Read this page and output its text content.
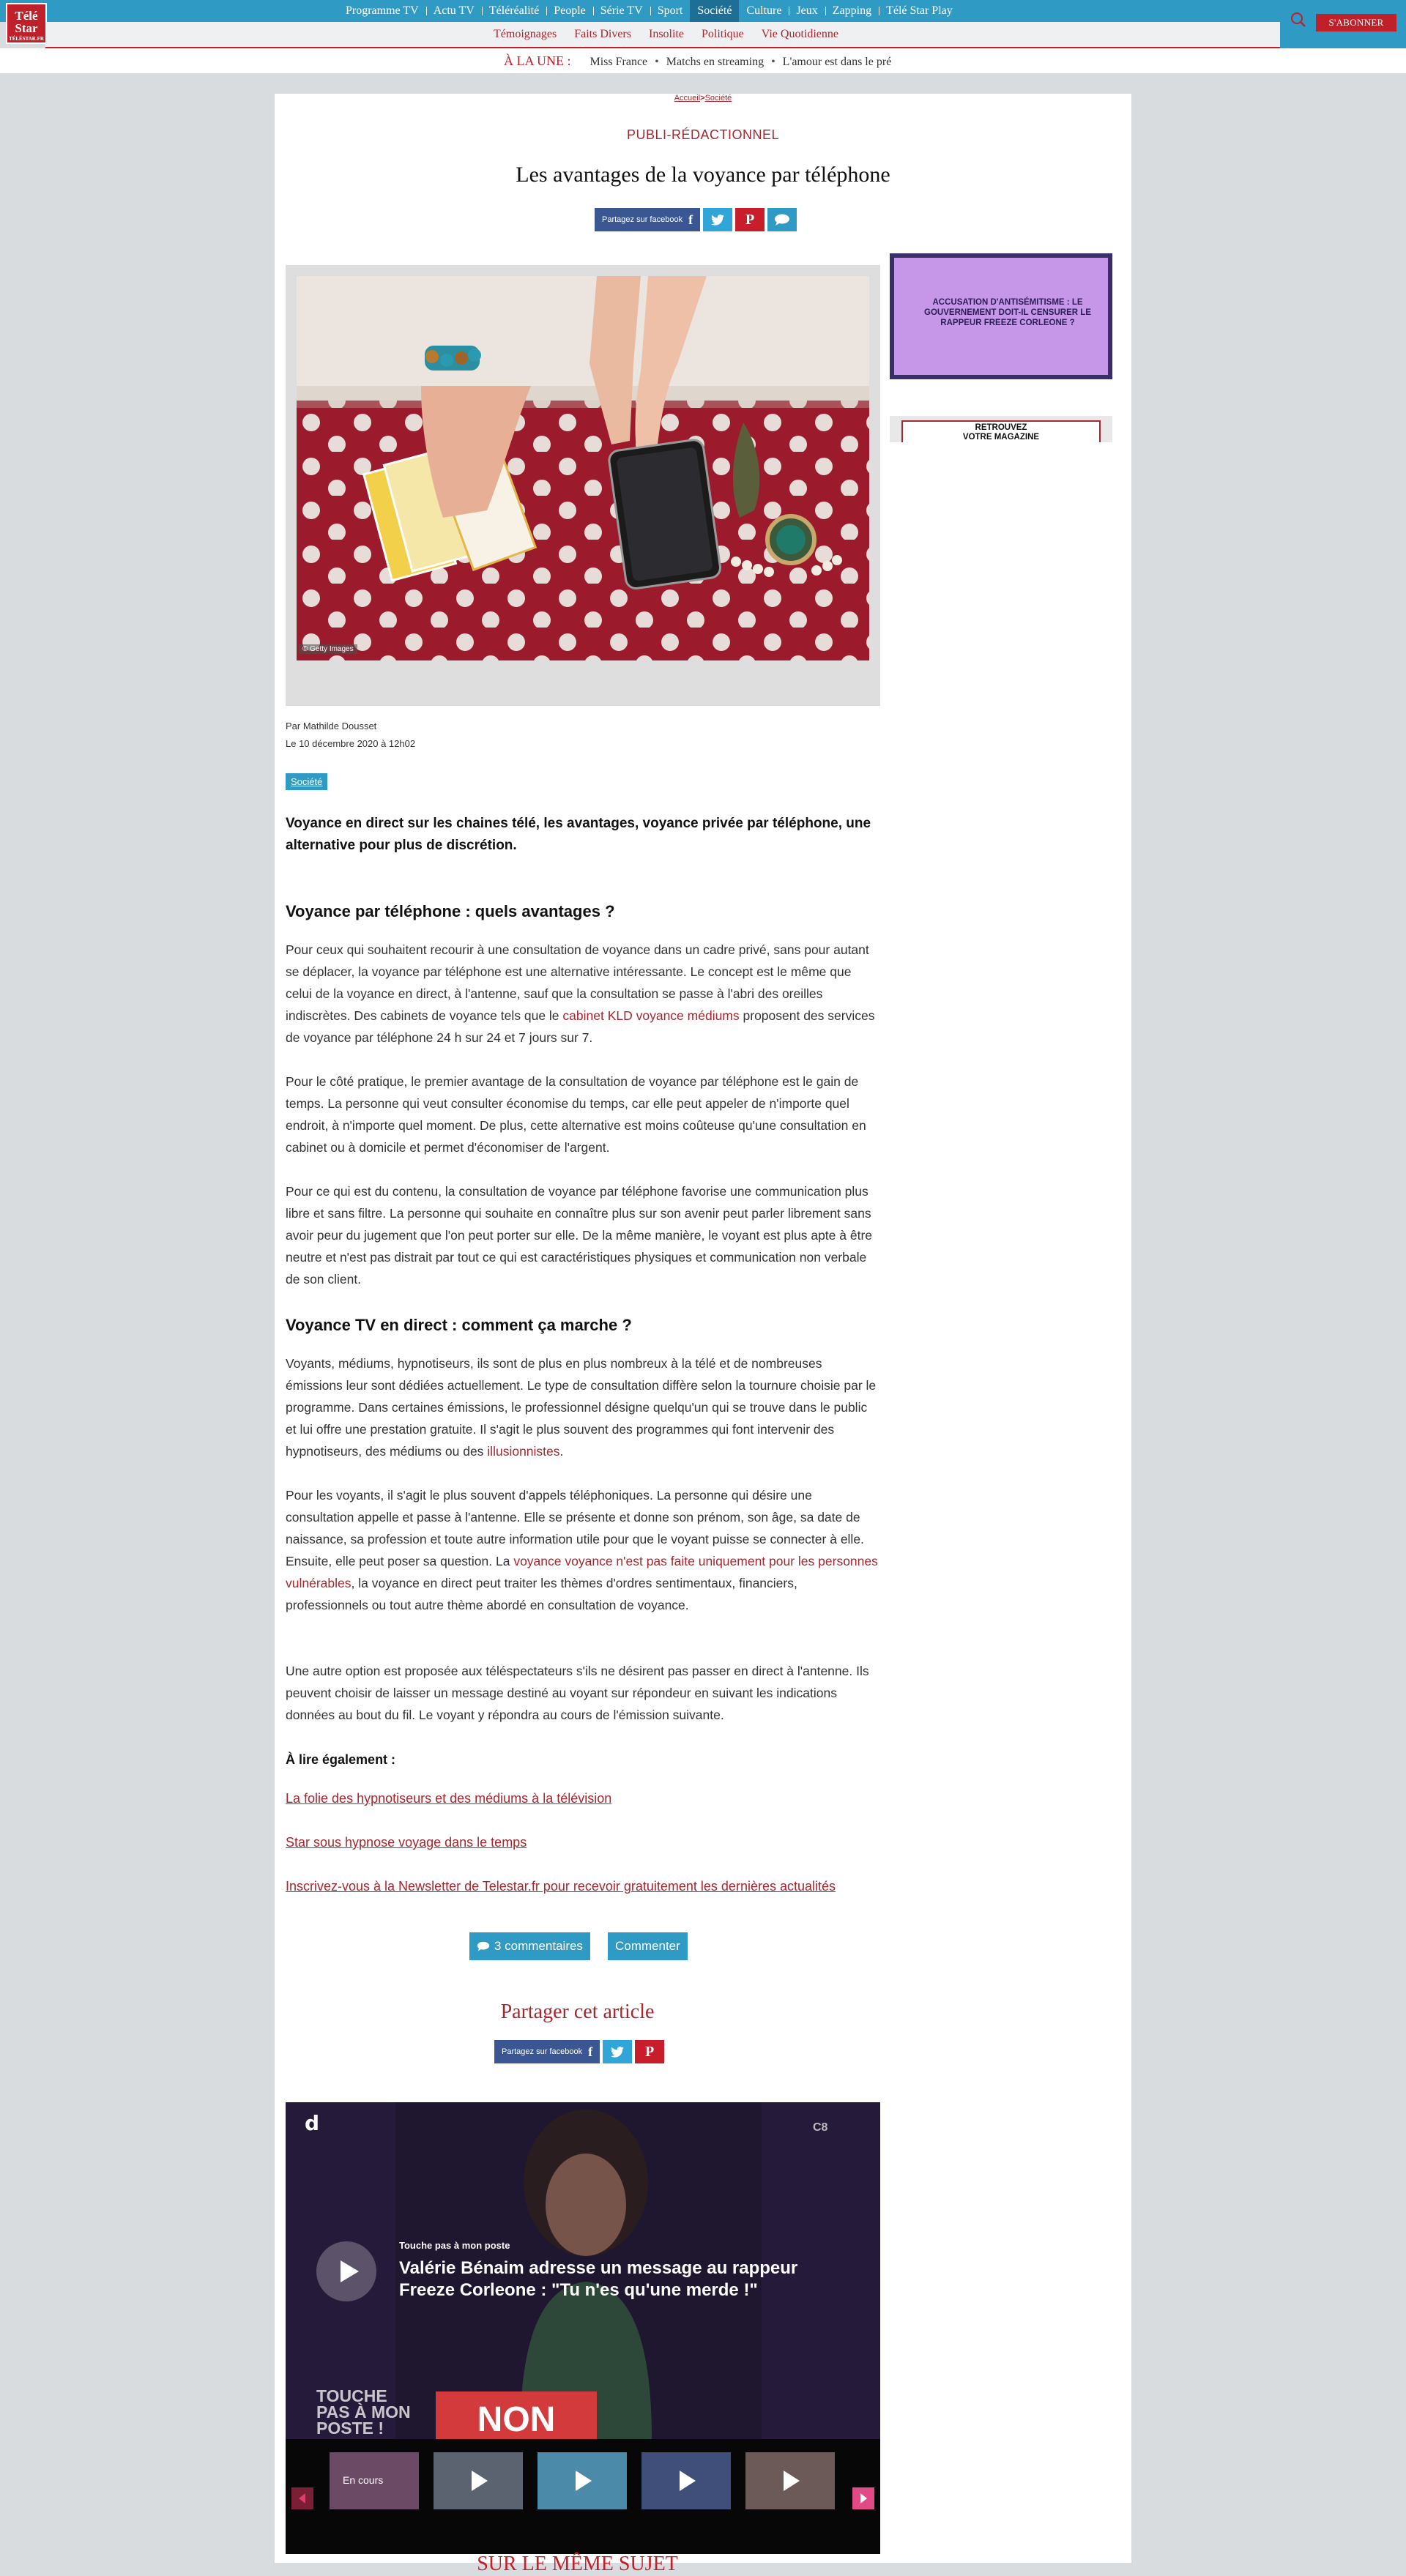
Télé
Star
TÉLÉSTAR.FR
Programme TV	Actu TV	Téléréalité	People	Série TV	Sport	Société	Culture	Jeux	Zapping	Télé Star Play
Témoignages	Faits Divers	Insolite	Politique	Vie Quotidienne
S'ABONNER
À LA UNE : Miss France • Matchs en streaming • L'amour est dans le pré
Accueil>Société
PUBLI-RÉDACTIONNEL
Les avantages de la voyance par téléphone
Partagez sur facebook f	P
© Getty Images
Par Mathilde Dousset
Le 10 décembre 2020 à 12h02
Société
Voyance en direct sur les chaines télé, les avantages, voyance privée par téléphone, une alternative pour plus de discrétion.
Voyance par téléphone : quels avantages ?

Pour ceux qui souhaitent recourir à une consultation de voyance dans un cadre privé, sans pour autant se déplacer, la voyance par téléphone est une alternative intéressante. Le concept est le même que celui de la voyance en direct, à l'antenne, sauf que la consultation se passe à l'abri des oreilles indiscrètes. Des cabinets de voyance tels que le cabinet KLD voyance médiums proposent des services de voyance par téléphone 24 h sur 24 et 7 jours sur 7.

Pour le côté pratique, le premier avantage de la consultation de voyance par téléphone est le gain de temps. La personne qui veut consulter économise du temps, car elle peut appeler de n'importe quel endroit, à n'importe quel moment. De plus, cette alternative est moins coûteuse qu'une consultation en cabinet ou à domicile et permet d'économiser de l'argent.

Pour ce qui est du contenu, la consultation de voyance par téléphone favorise une communication plus libre et sans filtre. La personne qui souhaite en connaître plus sur son avenir peut parler librement sans avoir peur du jugement que l'on peut porter sur elle. De la même manière, le voyant est plus apte à être neutre et n'est pas distrait par tout ce qui est caractéristiques physiques et communication non verbale de son client.

Voyance TV en direct : comment ça marche ?

Voyants, médiums, hypnotiseurs, ils sont de plus en plus nombreux à la télé et de nombreuses émissions leur sont dédiées actuellement. Le type de consultation diffère selon la tournure choisie par le programme. Dans certaines émissions, le professionnel désigne quelqu'un qui se trouve dans le public et lui offre une prestation gratuite. Il s'agit le plus souvent des programmes qui font intervenir des hypnotiseurs, des médiums ou des illusionnistes.

Pour les voyants, il s'agit le plus souvent d'appels téléphoniques. La personne qui désire une consultation appelle et passe à l'antenne. Elle se présente et donne son prénom, son âge, sa date de naissance, sa profession et toute autre information utile pour que le voyant puisse se connecter à elle. Ensuite, elle peut poser sa question. La voyance voyance n'est pas faite uniquement pour les personnes vulnérables, la voyance en direct peut traiter les thèmes d'ordres sentimentaux, financiers, professionnels ou tout autre thème abordé en consultation de voyance.

Une autre option est proposée aux téléspectateurs s'ils ne désirent pas passer en direct à l'antenne. Ils peuvent choisir de laisser un message destiné au voyant sur répondeur en suivant les indications données au bout du fil. Le voyant y répondra au cours de l'émission suivante.

À lire également :
La folie des hypnotiseurs et des médiums à la télévision
Star sous hypnose voyage dans le temps
Inscrivez-vous à la Newsletter de Telestar.fr pour recevoir gratuitement les dernières actualités
3 commentaires	Commenter
Partager cet article
Partagez sur facebook f	P
d	C8
Touche pas à mon poste
Valérie Bénaim adresse un message au rappeur Freeze Corleone : "Tu n'es qu'une merde !"
TOUCHE
PAS À MON
POSTE !	NON
En cours
SUR LE MÊME SUJET
ACCUSATION D'ANTISÉMITISME : LE GOUVERNEMENT DOIT-IL CENSURER LE RAPPEUR FREEZE CORLEONE ?
RETROUVEZ
VOTRE MAGAZINE
